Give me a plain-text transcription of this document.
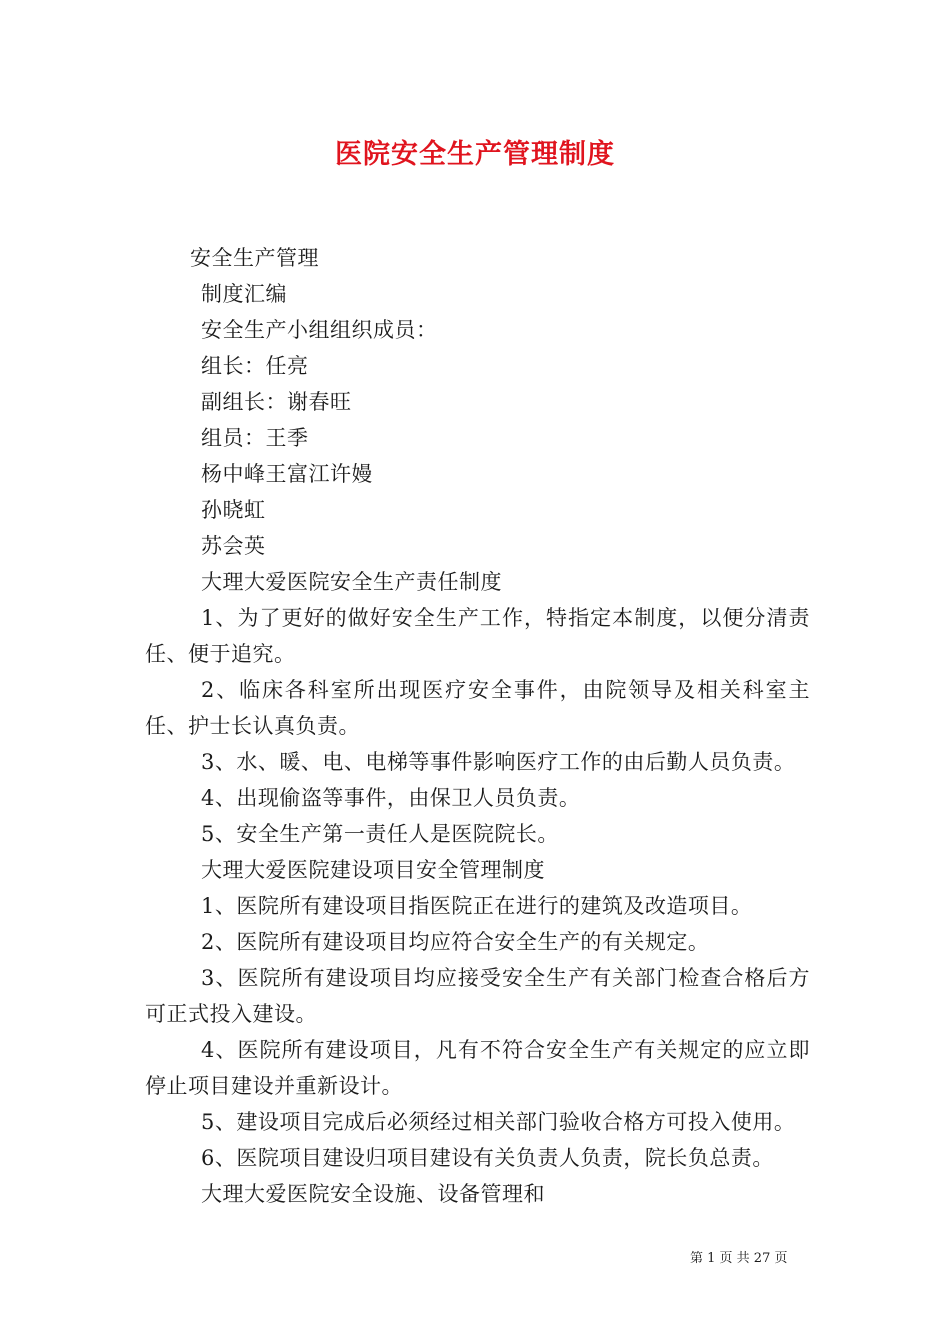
医院安全生产管理制度

安全生产管理

制度汇编

安全生产小组组织成员：

组长：任亮

副组长：谢春旺

组员：王季

杨中峰王富江许嫚

孙晓虹

苏会英

大理大爱医院安全生产责任制度

1、为了更好的做好安全生产工作，特指定本制度，以便分清责任、便于追究。

2、临床各科室所出现医疗安全事件，由院领导及相关科室主任、护士长认真负责。

3、水、暖、电、电梯等事件影响医疗工作的由后勤人员负责。

4、出现偷盗等事件，由保卫人员负责。

5、安全生产第一责任人是医院院长。

大理大爱医院建设项目安全管理制度

1、医院所有建设项目指医院正在进行的建筑及改造项目。

2、医院所有建设项目均应符合安全生产的有关规定。

3、医院所有建设项目均应接受安全生产有关部门检查合格后方可正式投入建设。

4、医院所有建设项目，凡有不符合安全生产有关规定的应立即停止项目建设并重新设计。

5、建设项目完成后必须经过相关部门验收合格方可投入使用。

6、医院项目建设归项目建设有关负责人负责，院长负总责。

大理大爱医院安全设施、设备管理和

第 1 页 共 27 页
